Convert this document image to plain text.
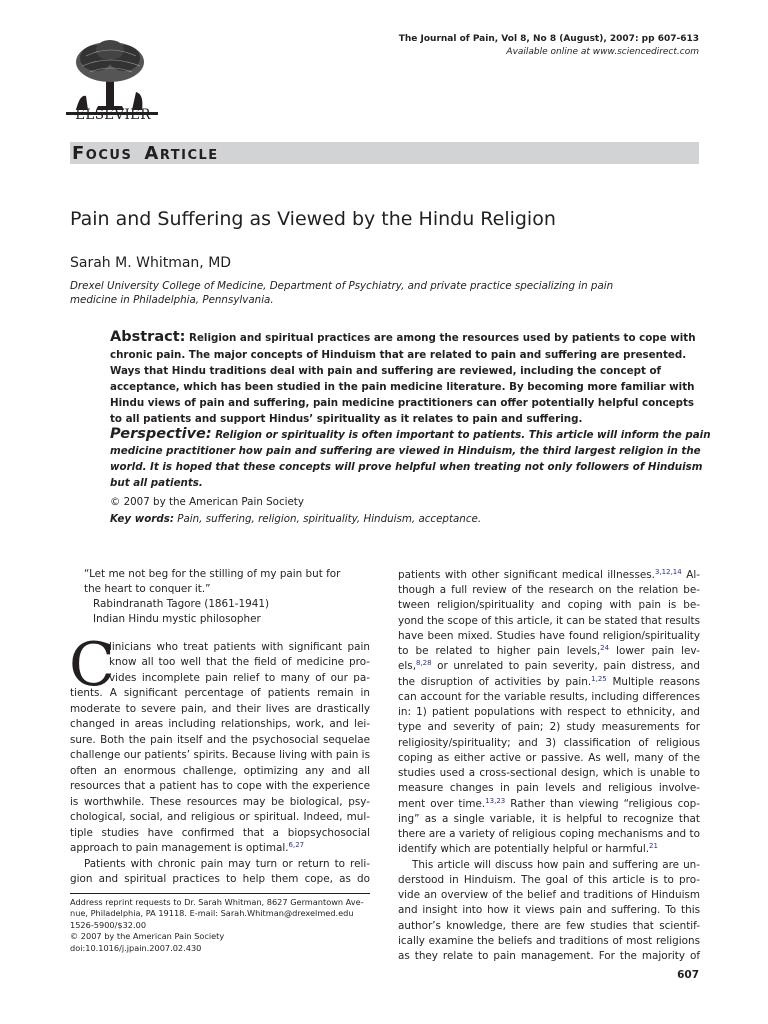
ELSEVIER
The Journal of Pain, Vol 8, No 8 (August), 2007: pp 607-613
Available online at www.sciencedirect.com
FOCUS ARTICLE
Pain and Suffering as Viewed by the Hindu Religion
Sarah M. Whitman, MD
Drexel University College of Medicine, Department of Psychiatry, and private practice specializing in pain
medicine in Philadelphia, Pennsylvania.
Abstract: Religion and spiritual practices are among the resources used by patients to cope with
chronic pain. The major concepts of Hinduism that are related to pain and suffering are presented.
Ways that Hindu traditions deal with pain and suffering are reviewed, including the concept of
acceptance, which has been studied in the pain medicine literature. By becoming more familiar with
Hindu views of pain and suffering, pain medicine practitioners can offer potentially helpful concepts
to all patients and support Hindus’ spirituality as it relates to pain and suffering.
Perspective: Religion or spirituality is often important to patients. This article will inform the pain
medicine practitioner how pain and suffering are viewed in Hinduism, the third largest religion in the
world. It is hoped that these concepts will prove helpful when treating not only followers of Hinduism
but all patients.
© 2007 by the American Pain Society
Key words: Pain, suffering, religion, spirituality, Hinduism, acceptance.
“Let me not beg for the stilling of my pain but for
the heart to conquer it.”
Rabindranath Tagore (1861-1941)
Indian Hindu mystic philosopher
C
linicians who treat patients with significant pain
know all too well that the field of medicine pro-
vides incomplete pain relief to many of our pa-
tients. A significant percentage of patients remain in
moderate to severe pain, and their lives are drastically
changed in areas including relationships, work, and lei-
sure. Both the pain itself and the psychosocial sequelae
challenge our patients’ spirits. Because living with pain is
often an enormous challenge, optimizing any and all
resources that a patient has to cope with the experience
is worthwhile. These resources may be biological, psy-
chological, social, and religious or spiritual. Indeed, mul-
tiple studies have confirmed that a biopsychosocial
approach to pain management is optimal.$^{6,27}$
Patients with chronic pain may turn or return to reli-
gion and spiritual practices to help them cope, as do
Address reprint requests to Dr. Sarah Whitman, 8627 Germantown Ave-
nue, Philadelphia, PA 19118. E-mail: Sarah.Whitman@drexelmed.edu
1526-5900/$32.00
© 2007 by the American Pain Society
doi:10.1016/j.jpain.2007.02.430
patients with other significant medical illnesses.$^{3,12,14}$ Al-
though a full review of the research on the relation be-
tween religion/spirituality and coping with pain is be-
yond the scope of this article, it can be stated that results
have been mixed. Studies have found religion/spirituality
to be related to higher pain levels,$^{24}$ lower pain lev-
els,$^{8,28}$ or unrelated to pain severity, pain distress, and
the disruption of activities by pain.$^{1,25}$ Multiple reasons
can account for the variable results, including differences
in: 1) patient populations with respect to ethnicity, and
type and severity of pain; 2) study measurements for
religiosity/spirituality; and 3) classification of religious
coping as either active or passive. As well, many of the
studies used a cross-sectional design, which is unable to
measure changes in pain levels and religious involve-
ment over time.$^{13,23}$ Rather than viewing “religious cop-
ing” as a single variable, it is helpful to recognize that
there are a variety of religious coping mechanisms and to
identify which are potentially helpful or harmful.$^{21}$
This article will discuss how pain and suffering are un-
derstood in Hinduism. The goal of this article is to pro-
vide an overview of the belief and traditions of Hinduism
and insight into how it views pain and suffering. To this
author’s knowledge, there are few studies that scientif-
ically examine the beliefs and traditions of most religions
as they relate to pain management. For the majority of
607
